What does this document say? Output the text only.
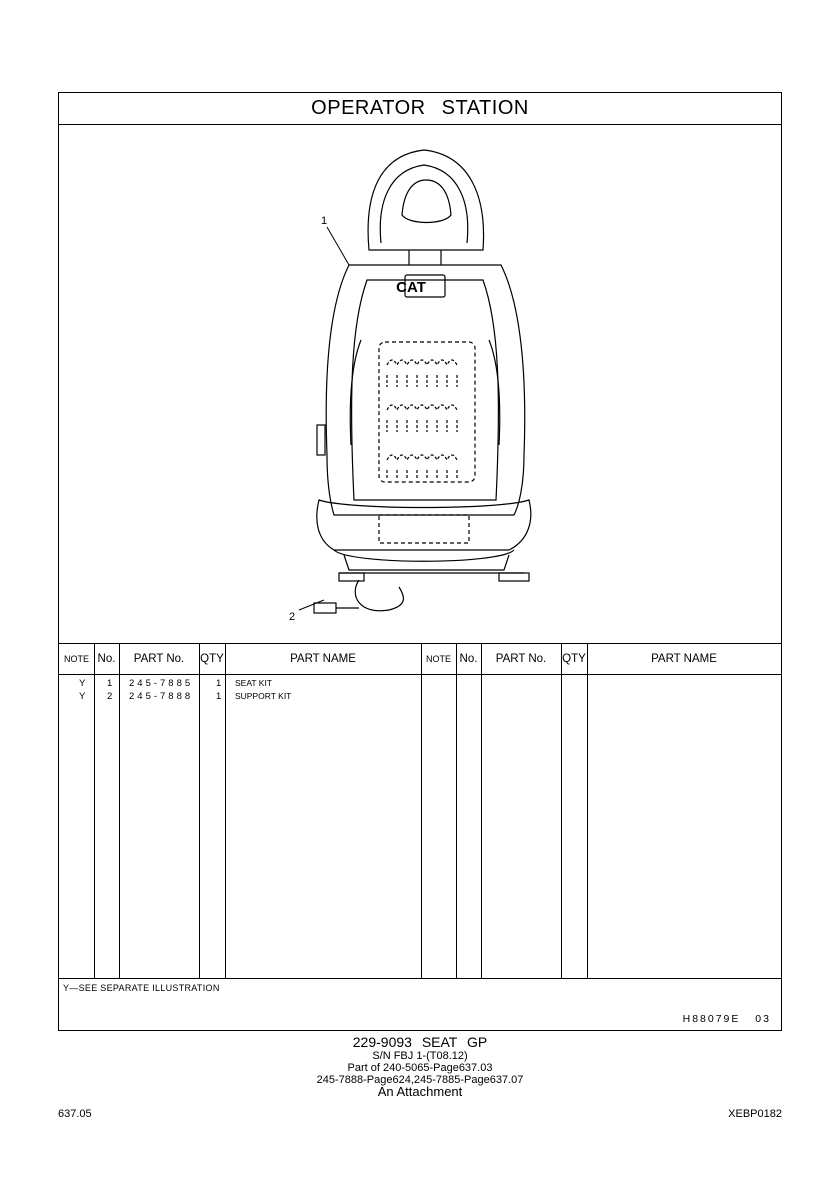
OPERATOR STATION
CAT
1
2
NOTE No.	PART No.	QTY	PART NAME	NOTE No.	PART No.	QTY	PART NAME
Y 1 245-7885 1 SEAT KIT
Y 2 245-7888 1 SUPPORT KIT
Y—SEE SEPARATE ILLUSTRATION
H88079E 03
229-9093 SEAT GP
S/N FBJ 1-(T08.12)
Part of 240-5065-Page637.03
245-7888-Page624,245-7885-Page637.07
An Attachment
637.05	XEBP0182
